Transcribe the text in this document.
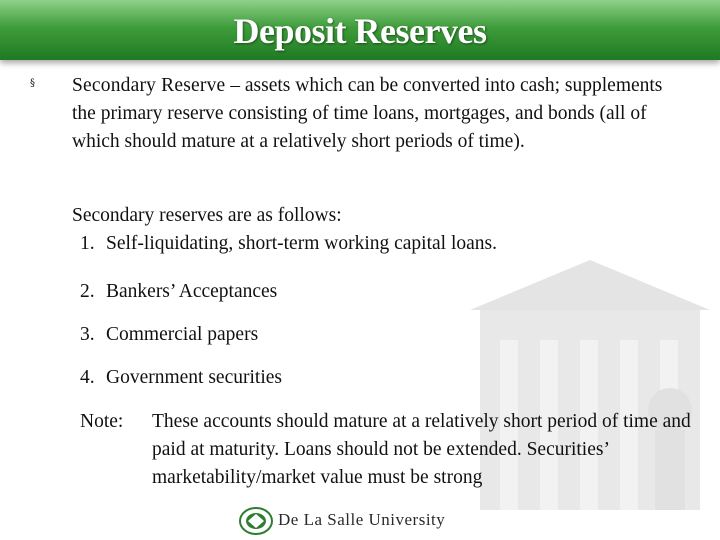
Deposit Reserves
§ Secondary Reserve – assets which can be converted into cash; supplements the primary reserve consisting of time loans, mortgages, and bonds (all of which should mature at a relatively short periods of time).
Secondary reserves are as follows:
1. Self-liquidating, short-term working capital loans.
2. Bankers’ Acceptances
3. Commercial papers
4. Government securities
Note: These accounts should mature at a relatively short period of time and paid at maturity. Loans should not be extended. Securities’ marketability/market value must be strong
De La Salle University
